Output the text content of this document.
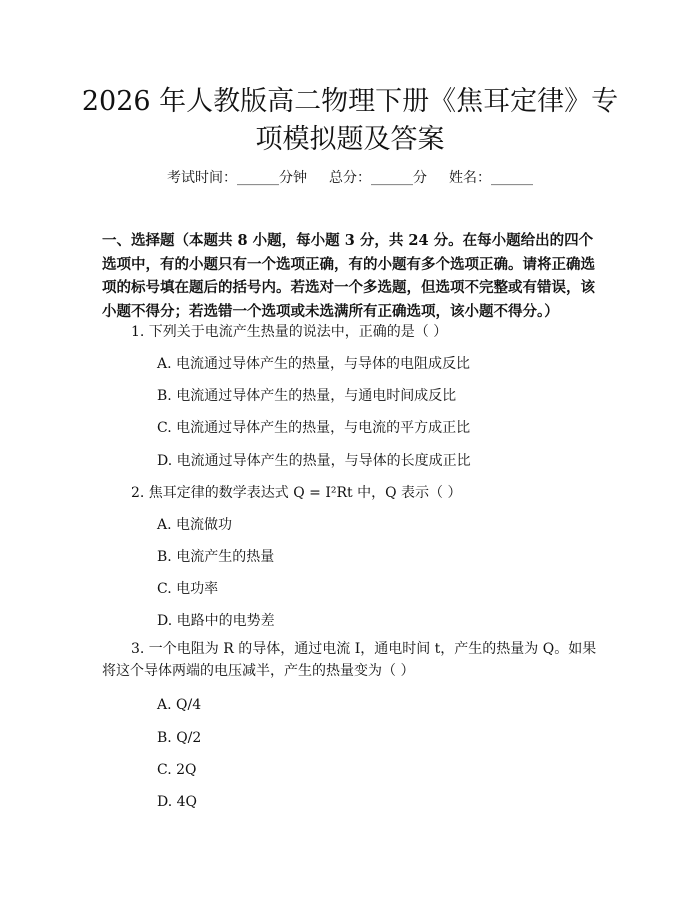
2026 年人教版高二物理下册《焦耳定律》专
项模拟题及答案
考试时间：______分钟 总分：______分 姓名：______

一、选择题（本题共 8 小题，每小题 3 分，共 24 分。在每小题给出的四个选项中，有的小题只有一个选项正确，有的小题有多个选项正确。请将正确选项的标号填在题后的括号内。若选对一个多选题，但选项不完整或有错误，该小题不得分；若选错一个选项或未选满所有正确选项，该小题不得分。）

1. 下列关于电流产生热量的说法中，正确的是（ ）

A. 电流通过导体产生的热量，与导体的电阻成反比

B. 电流通过导体产生的热量，与通电时间成反比

C. 电流通过导体产生的热量，与电流的平方成正比

D. 电流通过导体产生的热量，与导体的长度成正比

2. 焦耳定律的数学表达式 Q = I²Rt 中，Q 表示（ ）

A. 电流做功

B. 电流产生的热量

C. 电功率

D. 电路中的电势差

3. 一个电阻为 R 的导体，通过电流 I，通电时间 t，产生的热量为 Q。如果将这个导体两端的电压减半，产生的热量变为（ ）

A. Q/4

B. Q/2

C. 2Q

D. 4Q
